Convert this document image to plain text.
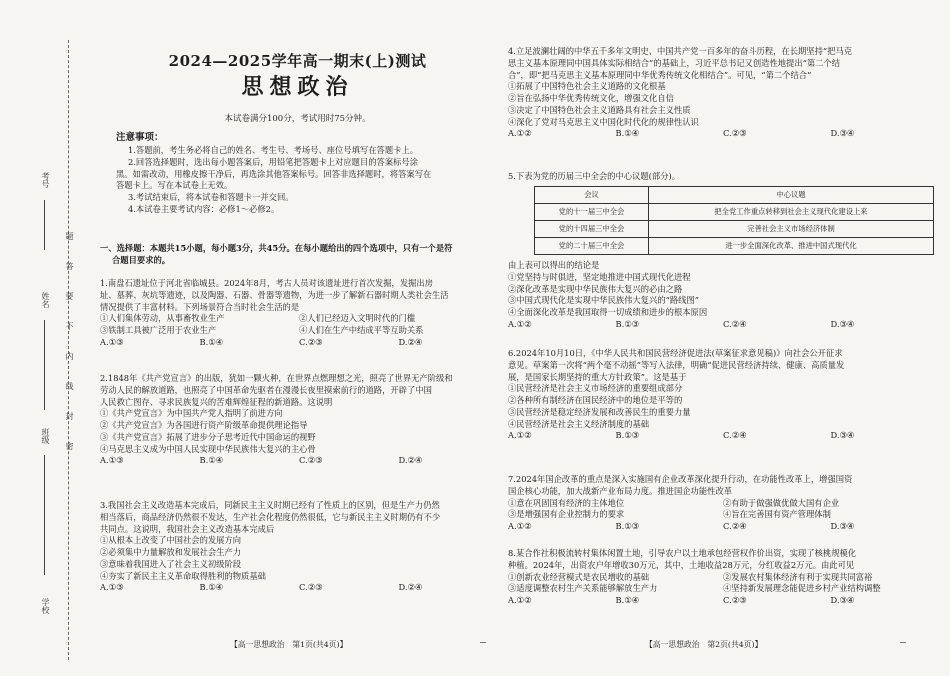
考号
姓名
班级
学校
题
答
要
不
内
线
封
密
2024—2025学年高一期末(上)测试
思想政治
本试卷满分100分，考试用时75分钟。
注意事项：
1.答题前，考生务必将自己的姓名、考生号、考场号、座位号填写在答题卡上。
2.回答选择题时，选出每小题答案后，用铅笔把答题卡上对应题目的答案标号涂
黑。如需改动，用橡皮擦干净后，再选涂其他答案标号。回答非选择题时，将答案写在
答题卡上。写在本试卷上无效。
3.考试结束后，将本试卷和答题卡一并交回。
4.本试卷主要考试内容：必修1～必修2。
一、选择题：本题共15小题，每小题3分，共45分。在每小题给出的四个选项中，只有一个是符
合题目要求的。
1.南盘石遗址位于河北省临城县。2024年8月，考古人员对该遗址进行首次发掘，发掘出房
址、墓葬、灰坑等遗迹，以及陶器、石器、骨器等遗物，为进一步了解新石器时期人类社会生活
情况提供了丰富材料。下列场景符合当时社会生活的是
①人们集体劳动，从事畜牧业生产	②人们已经迈入文明时代的门槛
③铁制工具被广泛用于农业生产	④人们在生产中结成平等互助关系
A.①③	B.①④	C.②③	D.②④
2.1848年《共产党宣言》的出版，犹如一颗火种，在世界点燃理想之光，照亮了世界无产阶级和
劳动人民的解放道路，也照亮了中国革命先驱者在漫漫长夜里摸索前行的道路，开辟了中国
人民救亡图存、寻求民族复兴的苦难辉煌征程的新道路。这说明
①《共产党宣言》为中国共产党人指明了前进方向
②《共产党宣言》为各国进行资产阶级革命提供理论指导
③《共产党宣言》拓展了进步分子思考近代中国命运的视野
④马克思主义成为中国人民实现中华民族伟大复兴的主心骨
A.①③	B.①④	C.②③	D.②④
3.我国社会主义改造基本完成后，同新民主主义时期已经有了性质上的区别，但是生产力仍然
相当落后，商品经济仍然很不发达，生产社会化程度仍然很低，它与新民主主义时期仍有不少
共同点。这说明，我国社会主义改造基本完成后
①从根本上改变了中国社会的发展方向
②必须集中力量解放和发展社会生产力
③意味着我国进入了社会主义初级阶段
④夯实了新民主主义革命取得胜利的物质基础
A.①③	B.①④	C.②③	D.②④
4.立足波澜壮阔的中华五千多年文明史、中国共产党一百多年的奋斗历程，在长期坚持“把马克
思主义基本原理同中国具体实际相结合”的基础上，习近平总书记又创造性地提出“第二个结
合”，即“把马克思主义基本原理同中华优秀传统文化相结合”。可见，“第二个结合”
①拓展了中国特色社会主义道路的文化根基
②旨在弘扬中华优秀传统文化，增强文化自信
③决定了中国特色社会主义道路具有社会主义性质
④深化了党对马克思主义中国化时代化的规律性认识
A.①②	B.①④	C.②③	D.③④
5.下表为党的历届三中全会的中心议题(部分)。
会议	中心议题
党的十一届三中全会	把全党工作重点转移到社会主义现代化建设上来
党的十四届三中全会	完善社会主义市场经济体制
党的二十届三中全会	进一步全面深化改革、推进中国式现代化
由上表可以得出的结论是
①党坚持与时俱进，坚定地推进中国式现代化进程
②深化改革是实现中华民族伟大复兴的必由之路
③中国式现代化是实现中华民族伟大复兴的“路线图”
④全面深化改革是我国取得一切成绩和进步的根本原因
A.①②	B.①③	C.②④	D.③④
6.2024年10月10日，《中华人民共和国民营经济促进法(草案征求意见稿)》向社会公开征求
意见。草案第一次将“两个毫不动摇”等写入法律，明确“促进民营经济持续、健康、高质量发
展，是国家长期坚持的重大方针政策”。这是基于
①民营经济是社会主义市场经济的重要组成部分
②各种所有制经济在国民经济中的地位是平等的
③民营经济是稳定经济发展和改善民生的重要力量
④民营经济是社会主义经济制度的基础
A.①②	B.①③	C.②④	D.③④
7.2024年国企改革的重点是深入实施国有企业改革深化提升行动，在功能性改革上，增强国资
国企核心功能，加大战新产业布局力度。推进国企功能性改革
①意在巩固国有经济的主体地位	②有助于做强做优做大国有企业
③是增强国有企业控制力的要求	④旨在完善国有资产管理体制
A.①②	B.①③	C.②④	D.③④
8.某合作社积极流转村集体闲置土地，引导农户以土地承包经营权作价出资，实现了核桃规模化
种植。2024年，出资农户年增收30万元，其中，土地收益28万元，分红收益2万元。由此可见
①创新农业经营模式是农民增收的基础	②发展农村集体经济有利于实现共同富裕
③适度调整农村生产关系能够解放生产力	④坚持新发展理念能促进乡村产业结构调整
A.①②	B.①④	C.②③	D.③④
【高一思想政治　第1页(共4页)】	【高一思想政治　第2页(共4页)】
